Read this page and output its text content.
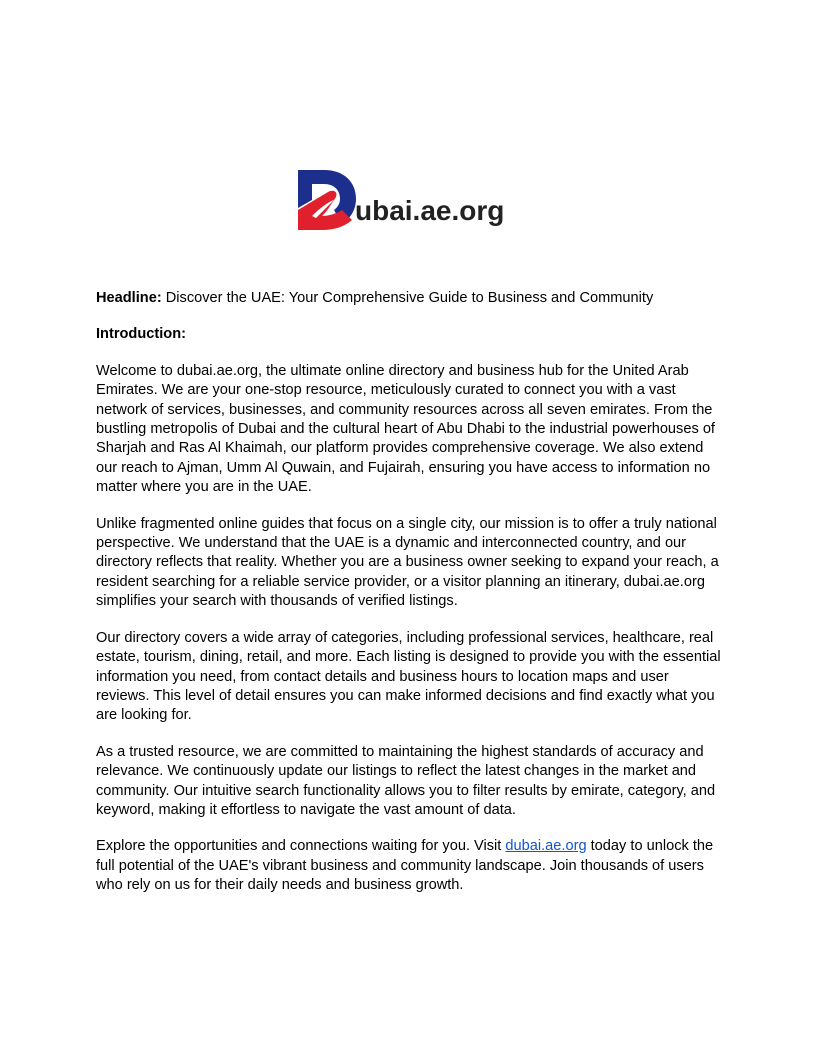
ubai.ae.org

Headline: Discover the UAE: Your Comprehensive Guide to Business and Community

Introduction:

Welcome to dubai.ae.org, the ultimate online directory and business hub for the United Arab Emirates. We are your one-stop resource, meticulously curated to connect you with a vast network of services, businesses, and community resources across all seven emirates. From the bustling metropolis of Dubai and the cultural heart of Abu Dhabi to the industrial powerhouses of Sharjah and Ras Al Khaimah, our platform provides comprehensive coverage. We also extend our reach to Ajman, Umm Al Quwain, and Fujairah, ensuring you have access to information no matter where you are in the UAE.

Unlike fragmented online guides that focus on a single city, our mission is to offer a truly national perspective. We understand that the UAE is a dynamic and interconnected country, and our directory reflects that reality. Whether you are a business owner seeking to expand your reach, a resident searching for a reliable service provider, or a visitor planning an itinerary, dubai.ae.org simplifies your search with thousands of verified listings.

Our directory covers a wide array of categories, including professional services, healthcare, real estate, tourism, dining, retail, and more. Each listing is designed to provide you with the essential information you need, from contact details and business hours to location maps and user reviews. This level of detail ensures you can make informed decisions and find exactly what you are looking for.

As a trusted resource, we are committed to maintaining the highest standards of accuracy and relevance. We continuously update our listings to reflect the latest changes in the market and community. Our intuitive search functionality allows you to filter results by emirate, category, and keyword, making it effortless to navigate the vast amount of data.

Explore the opportunities and connections waiting for you. Visit dubai.ae.org today to unlock the full potential of the UAE's vibrant business and community landscape. Join thousands of users who rely on us for their daily needs and business growth.
